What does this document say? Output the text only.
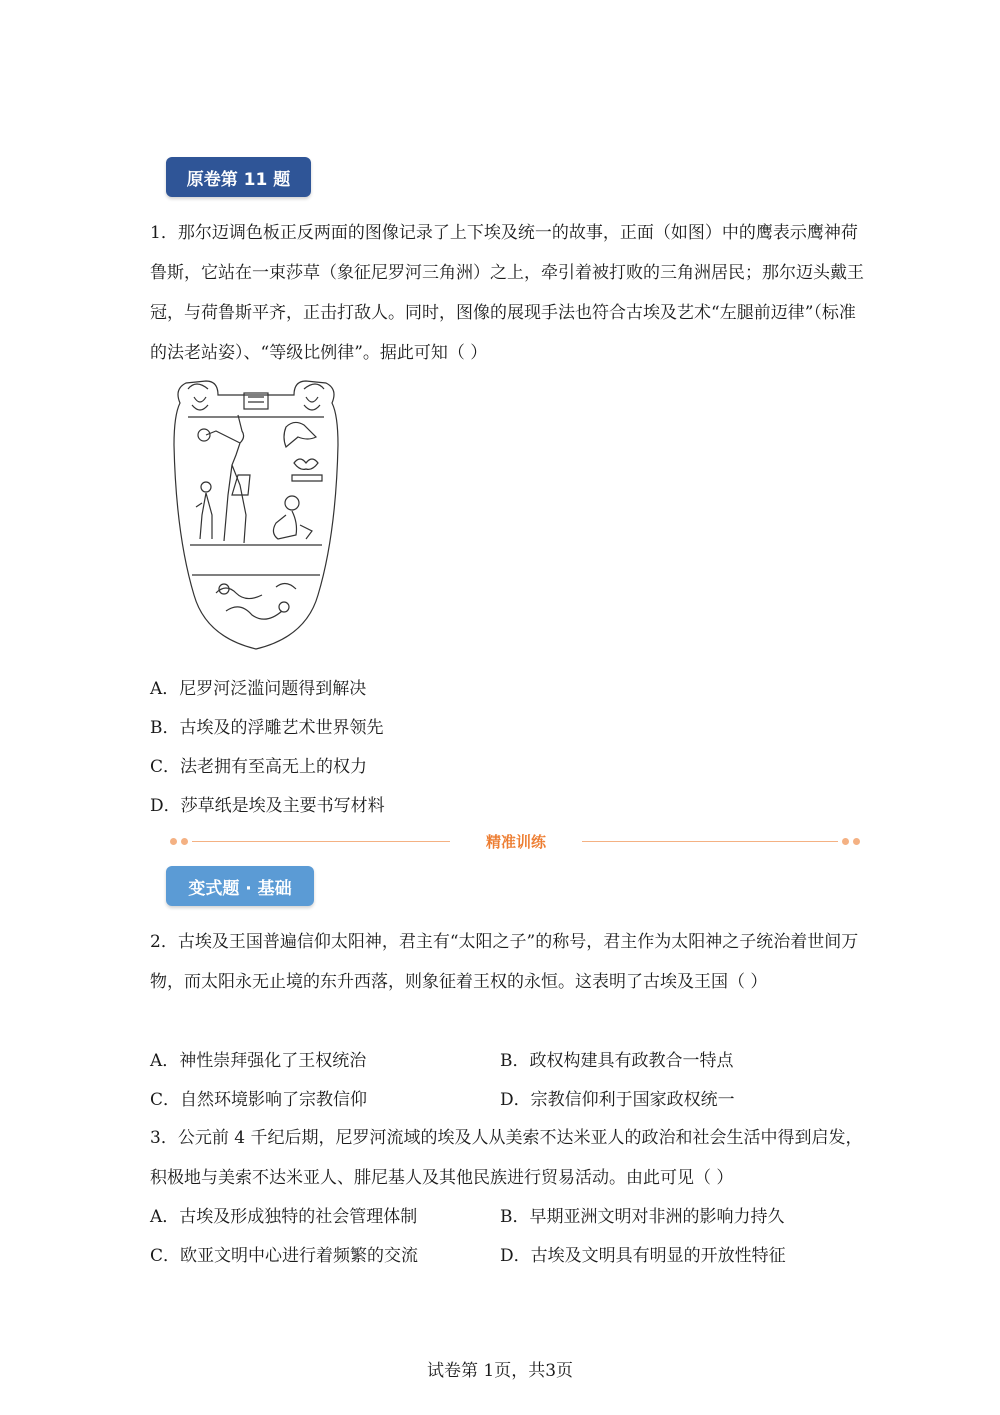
原卷第 11 题

1．那尔迈调色板正反两面的图像记录了上下埃及统一的故事，正面（如图）中的鹰表示鹰神荷鲁斯，它站在一束莎草（象征尼罗河三角洲）之上，牵引着被打败的三角洲居民；那尔迈头戴王冠，与荷鲁斯平齐，正击打敌人。同时，图像的展现手法也符合古埃及艺术“左腿前迈律”（标准的法老站姿）、“等级比例律”。据此可知（ ）

A．尼罗河泛滥问题得到解决
B．古埃及的浮雕艺术世界领先
C．法老拥有至高无上的权力
D．莎草纸是埃及主要书写材料
精准训练
变式题 · 基础

2．古埃及王国普遍信仰太阳神，君主有“太阳之子”的称号，君主作为太阳神之子统治着世间万物，而太阳永无止境的东升西落，则象征着王权的永恒。这表明了古埃及王国（ ）

A．神性崇拜强化了王权统治	B．政权构建具有政教合一特点
C．自然环境影响了宗教信仰	D．宗教信仰利于国家政权统一

3．公元前 4 千纪后期，尼罗河流域的埃及人从美索不达米亚人的政治和社会生活中得到启发，积极地与美索不达米亚人、腓尼基人及其他民族进行贸易活动。由此可见（ ）

A．古埃及形成独特的社会管理体制	B．早期亚洲文明对非洲的影响力持久
C．欧亚文明中心进行着频繁的交流	D．古埃及文明具有明显的开放性特征
试卷第 1页，共3页
